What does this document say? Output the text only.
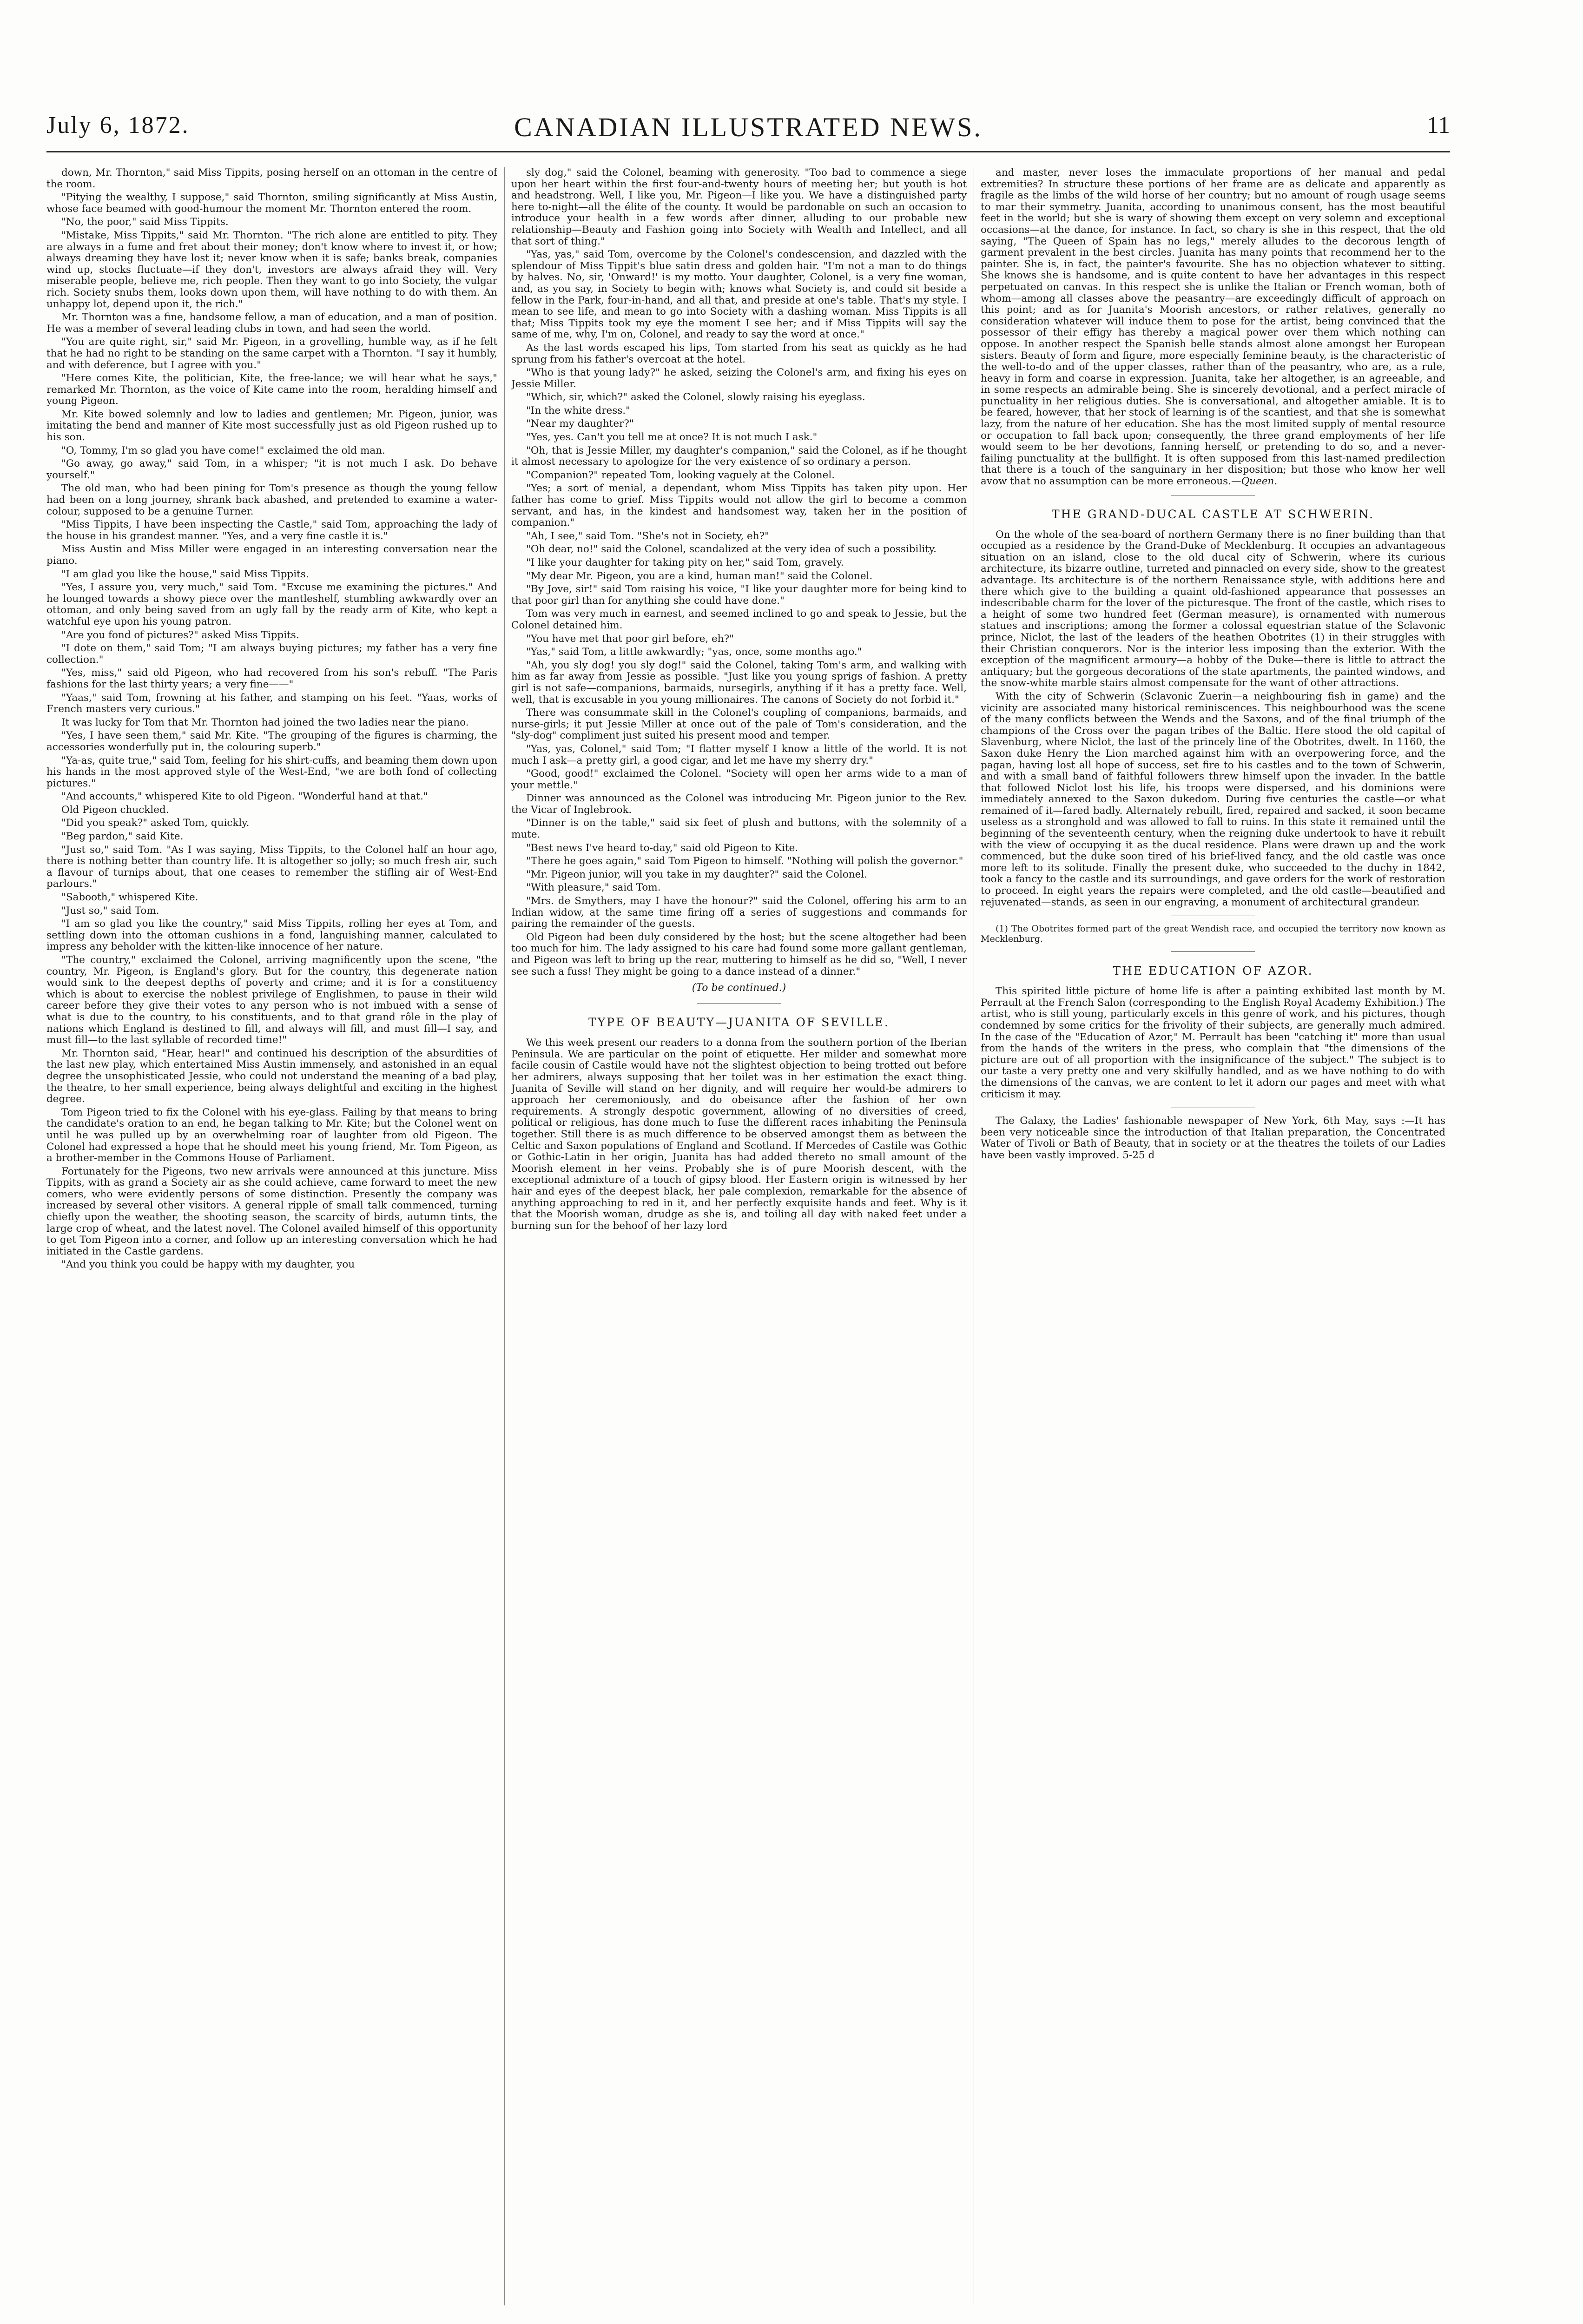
CANADIAN ILLUSTRATED NEWS.
July 6, 1872.	11

down, Mr. Thornton," said Miss Tippits, posing herself on an ottoman in the centre of the room.

"Pitying the wealthy, I suppose," said Thornton, smiling significantly at Miss Austin, whose face beamed with good-humour the moment Mr. Thornton entered the room.

"No, the poor," said Miss Tippits.

"Mistake, Miss Tippits," said Mr. Thornton. "The rich alone are entitled to pity. They are always in a fume and fret about their money; don't know where to invest it, or how; always dreaming they have lost it; never know when it is safe; banks break, companies wind up, stocks fluctuate—if they don't, investors are always afraid they will. Very miserable people, believe me, rich people. Then they want to go into Society, the vulgar rich. Society snubs them, looks down upon them, will have nothing to do with them. An unhappy lot, depend upon it, the rich."

Mr. Thornton was a fine, handsome fellow, a man of education, and a man of position. He was a member of several leading clubs in town, and had seen the world.

"You are quite right, sir," said Mr. Pigeon, in a grovelling, humble way, as if he felt that he had no right to be standing on the same carpet with a Thornton. "I say it humbly, and with deference, but I agree with you."

"Here comes Kite, the politician, Kite, the free-lance; we will hear what he says," remarked Mr. Thornton, as the voice of Kite came into the room, heralding himself and young Pigeon.

Mr. Kite bowed solemnly and low to ladies and gentlemen; Mr. Pigeon, junior, was imitating the bend and manner of Kite most successfully just as old Pigeon rushed up to his son.

"O, Tommy, I'm so glad you have come!" exclaimed the old man.

"Go away, go away," said Tom, in a whisper; "it is not much I ask. Do behave yourself."

The old man, who had been pining for Tom's presence as though the young fellow had been on a long journey, shrank back abashed, and pretended to examine a water-colour, supposed to be a genuine Turner.

"Miss Tippits, I have been inspecting the Castle," said Tom, approaching the lady of the house in his grandest manner. "Yes, and a very fine castle it is."

Miss Austin and Miss Miller were engaged in an interesting conversation near the piano.

"I am glad you like the house," said Miss Tippits.

"Yes, I assure you, very much," said Tom. "Excuse me examining the pictures." And he lounged towards a showy piece over the mantleshelf, stumbling awkwardly over an ottoman, and only being saved from an ugly fall by the ready arm of Kite, who kept a watchful eye upon his young patron.

"Are you fond of pictures?" asked Miss Tippits.

"I dote on them," said Tom; "I am always buying pictures; my father has a very fine collection."

"Yes, miss," said old Pigeon, who had recovered from his son's rebuff. "The Paris fashions for the last thirty years; a very fine——"

"Yaas," said Tom, frowning at his father, and stamping on his feet. "Yaas, works of French masters very curious."

It was lucky for Tom that Mr. Thornton had joined the two ladies near the piano.

"Yes, I have seen them," said Mr. Kite. "The grouping of the figures is charming, the accessories wonderfully put in, the colouring superb."

"Ya-as, quite true," said Tom, feeling for his shirt-cuffs, and beaming them down upon his hands in the most approved style of the West-End, "we are both fond of collecting pictures."

"And accounts," whispered Kite to old Pigeon. "Wonderful hand at that."

Old Pigeon chuckled.

"Did you speak?" asked Tom, quickly.

"Beg pardon," said Kite.

"Just so," said Tom. "As I was saying, Miss Tippits, to the Colonel half an hour ago, there is nothing better than country life. It is altogether so jolly; so much fresh air, such a flavour of turnips about, that one ceases to remember the stifling air of West-End parlours."

"Sabooth," whispered Kite.

"Just so," said Tom.

"I am so glad you like the country," said Miss Tippits, rolling her eyes at Tom, and settling down into the ottoman cushions in a fond, languishing manner, calculated to impress any beholder with the kitten-like innocence of her nature.

"The country," exclaimed the Colonel, arriving magnificently upon the scene, "the country, Mr. Pigeon, is England's glory. But for the country, this degenerate nation would sink to the deepest depths of poverty and crime; and it is for a constituency which is about to exercise the noblest privilege of Englishmen, to pause in their wild career before they give their votes to any person who is not imbued with a sense of what is due to the country, to his constituents, and to that grand rôle in the play of nations which England is destined to fill, and always will fill, and must fill—I say, and must fill—to the last syllable of recorded time!"

Mr. Thornton said, "Hear, hear!" and continued his description of the absurdities of the last new play, which entertained Miss Austin immensely, and astonished in an equal degree the unsophisticated Jessie, who could not understand the meaning of a bad play, the theatre, to her small experience, being always delightful and exciting in the highest degree.

Tom Pigeon tried to fix the Colonel with his eye-glass. Failing by that means to bring the candidate's oration to an end, he began talking to Mr. Kite; but the Colonel went on until he was pulled up by an overwhelming roar of laughter from old Pigeon. The Colonel had expressed a hope that he should meet his young friend, Mr. Tom Pigeon, as a brother-member in the Commons House of Parliament.

Fortunately for the Pigeons, two new arrivals were announced at this juncture. Miss Tippits, with as grand a Society air as she could achieve, came forward to meet the new comers, who were evidently persons of some distinction. Presently the company was increased by several other visitors. A general ripple of small talk commenced, turning chiefly upon the weather, the shooting season, the scarcity of birds, autumn tints, the large crop of wheat, and the latest novel. The Colonel availed himself of this opportunity to get Tom Pigeon into a corner, and follow up an interesting conversation which he had initiated in the Castle gardens.

"And you think you could be happy with my daughter, you

sly dog," said the Colonel, beaming with generosity. "Too bad to commence a siege upon her heart within the first four-and-twenty hours of meeting her; but youth is hot and headstrong. Well, I like you, Mr. Pigeon—I like you. We have a distinguished party here to-night—all the élite of the county. It would be pardonable on such an occasion to introduce your health in a few words after dinner, alluding to our probable new relationship—Beauty and Fashion going into Society with Wealth and Intellect, and all that sort of thing."

"Yas, yas," said Tom, overcome by the Colonel's condescension, and dazzled with the splendour of Miss Tippit's blue satin dress and golden hair. "I'm not a man to do things by halves. No, sir, 'Onward!' is my motto. Your daughter, Colonel, is a very fine woman, and, as you say, in Society to begin with; knows what Society is, and could sit beside a fellow in the Park, four-in-hand, and all that, and preside at one's table. That's my style. I mean to see life, and mean to go into Society with a dashing woman. Miss Tippits is all that; Miss Tippits took my eye the moment I see her; and if Miss Tippits will say the same of me, why, I'm on, Colonel, and ready to say the word at once."

As the last words escaped his lips, Tom started from his seat as quickly as he had sprung from his father's overcoat at the hotel.

"Who is that young lady?" he asked, seizing the Colonel's arm, and fixing his eyes on Jessie Miller.

"Which, sir, which?" asked the Colonel, slowly raising his eyeglass.

"In the white dress."

"Near my daughter?"

"Yes, yes. Can't you tell me at once? It is not much I ask."

"Oh, that is Jessie Miller, my daughter's companion," said the Colonel, as if he thought it almost necessary to apologize for the very existence of so ordinary a person.

"Companion?" repeated Tom, looking vaguely at the Colonel.

"Yes; a sort of menial, a dependant, whom Miss Tippits has taken pity upon. Her father has come to grief. Miss Tippits would not allow the girl to become a common servant, and has, in the kindest and handsomest way, taken her in the position of companion."

"Ah, I see," said Tom. "She's not in Society, eh?"

"Oh dear, no!" said the Colonel, scandalized at the very idea of such a possibility.

"I like your daughter for taking pity on her," said Tom, gravely.

"My dear Mr. Pigeon, you are a kind, human man!" said the Colonel.

"By Jove, sir!" said Tom raising his voice, "I like your daughter more for being kind to that poor girl than for anything she could have done."

Tom was very much in earnest, and seemed inclined to go and speak to Jessie, but the Colonel detained him.

"You have met that poor girl before, eh?"

"Yas," said Tom, a little awkwardly; "yas, once, some months ago."

"Ah, you sly dog! you sly dog!" said the Colonel, taking Tom's arm, and walking with him as far away from Jessie as possible. "Just like you young sprigs of fashion. A pretty girl is not safe—companions, barmaids, nursegirls, anything if it has a pretty face. Well, well, that is excusable in you young millionaires. The canons of Society do not forbid it."

There was consummate skill in the Colonel's coupling of companions, barmaids, and nurse-girls; it put Jessie Miller at once out of the pale of Tom's consideration, and the "sly-dog" compliment just suited his present mood and temper.

"Yas, yas, Colonel," said Tom; "I flatter myself I know a little of the world. It is not much I ask—a pretty girl, a good cigar, and let me have my sherry dry."

"Good, good!" exclaimed the Colonel. "Society will open her arms wide to a man of your mettle."

Dinner was announced as the Colonel was introducing Mr. Pigeon junior to the Rev. the Vicar of Inglebrook.

"Dinner is on the table," said six feet of plush and buttons, with the solemnity of a mute.

"Best news I've heard to-day," said old Pigeon to Kite.

"There he goes again," said Tom Pigeon to himself. "Nothing will polish the governor."

"Mr. Pigeon junior, will you take in my daughter?" said the Colonel.

"With pleasure," said Tom.

"Mrs. de Smythers, may I have the honour?" said the Colonel, offering his arm to an Indian widow, at the same time firing off a series of suggestions and commands for pairing the remainder of the guests.

Old Pigeon had been duly considered by the host; but the scene altogether had been too much for him. The lady assigned to his care had found some more gallant gentleman, and Pigeon was left to bring up the rear, muttering to himself as he did so, "Well, I never see such a fuss! They might be going to a dance instead of a dinner."

(To be continued.)
TYPE OF BEAUTY—JUANITA OF SEVILLE.

We this week present our readers to a donna from the southern portion of the Iberian Peninsula. We are particular on the point of etiquette. Her milder and somewhat more facile cousin of Castile would have not the slightest objection to being trotted out before her admirers, always supposing that her toilet was in her estimation the exact thing. Juanita of Seville will stand on her dignity, and will require her would-be admirers to approach her ceremoniously, and do obeisance after the fashion of her own requirements. A strongly despotic government, allowing of no diversities of creed, political or religious, has done much to fuse the different races inhabiting the Peninsula together. Still there is as much difference to be observed amongst them as between the Celtic and Saxon populations of England and Scotland. If Mercedes of Castile was Gothic or Gothic-Latin in her origin, Juanita has had added thereto no small amount of the Moorish element in her veins. Probably she is of pure Moorish descent, with the exceptional admixture of a touch of gipsy blood. Her Eastern origin is witnessed by her hair and eyes of the deepest black, her pale complexion, remarkable for the absence of anything approaching to red in it, and her perfectly exquisite hands and feet. Why is it that the Moorish woman, drudge as she is, and toiling all day with naked feet under a burning sun for the behoof of her lazy lord

and master, never loses the immaculate proportions of her manual and pedal extremities? In structure these portions of her frame are as delicate and apparently as fragile as the limbs of the wild horse of her country; but no amount of rough usage seems to mar their symmetry. Juanita, according to unanimous consent, has the most beautiful feet in the world; but she is wary of showing them except on very solemn and exceptional occasions—at the dance, for instance. In fact, so chary is she in this respect, that the old saying, "The Queen of Spain has no legs," merely alludes to the decorous length of garment prevalent in the best circles. Juanita has many points that recommend her to the painter. She is, in fact, the painter's favourite. She has no objection whatever to sitting. She knows she is handsome, and is quite content to have her advantages in this respect perpetuated on canvas. In this respect she is unlike the Italian or French woman, both of whom—among all classes above the peasantry—are exceedingly difficult of approach on this point; and as for Juanita's Moorish ancestors, or rather relatives, generally no consideration whatever will induce them to pose for the artist, being convinced that the possessor of their effigy has thereby a magical power over them which nothing can oppose. In another respect the Spanish belle stands almost alone amongst her European sisters. Beauty of form and figure, more especially feminine beauty, is the characteristic of the well-to-do and of the upper classes, rather than of the peasantry, who are, as a rule, heavy in form and coarse in expression. Juanita, take her altogether, is an agreeable, and in some respects an admirable being. She is sincerely devotional, and a perfect miracle of punctuality in her religious duties. She is conversational, and altogether amiable. It is to be feared, however, that her stock of learning is of the scantiest, and that she is somewhat lazy, from the nature of her education. She has the most limited supply of mental resource or occupation to fall back upon; consequently, the three grand employments of her life would seem to be her devotions, fanning herself, or pretending to do so, and a never-failing punctuality at the bullfight. It is often supposed from this last-named predilection that there is a touch of the sanguinary in her disposition; but those who know her well avow that no assumption can be more erroneous.—Queen.

THE GRAND-DUCAL CASTLE AT SCHWERIN.

On the whole of the sea-board of northern Germany there is no finer building than that occupied as a residence by the Grand-Duke of Mecklenburg. It occupies an advantageous situation on an island, close to the old ducal city of Schwerin, where its curious architecture, its bizarre outline, turreted and pinnacled on every side, show to the greatest advantage. Its architecture is of the northern Renaissance style, with additions here and there which give to the building a quaint old-fashioned appearance that possesses an indescribable charm for the lover of the picturesque. The front of the castle, which rises to a height of some two hundred feet (German measure), is ornamented with numerous statues and inscriptions; among the former a colossal equestrian statue of the Sclavonic prince, Niclot, the last of the leaders of the heathen Obotrites (1) in their struggles with their Christian conquerors. Nor is the interior less imposing than the exterior. With the exception of the magnificent armoury—a hobby of the Duke—there is little to attract the antiquary; but the gorgeous decorations of the state apartments, the painted windows, and the snow-white marble stairs almost compensate for the want of other attractions.

With the city of Schwerin (Sclavonic Zuerin—a neighbouring fish in game) and the vicinity are associated many historical reminiscences. This neighbourhood was the scene of the many conflicts between the Wends and the Saxons, and of the final triumph of the champions of the Cross over the pagan tribes of the Baltic. Here stood the old capital of Slavenburg, where Niclot, the last of the princely line of the Obotrites, dwelt. In 1160, the Saxon duke Henry the Lion marched against him with an overpowering force, and the pagan, having lost all hope of success, set fire to his castles and to the town of Schwerin, and with a small band of faithful followers threw himself upon the invader. In the battle that followed Niclot lost his life, his troops were dispersed, and his dominions were immediately annexed to the Saxon dukedom. During five centuries the castle—or what remained of it—fared badly. Alternately rebuilt, fired, repaired and sacked, it soon became useless as a stronghold and was allowed to fall to ruins. In this state it remained until the beginning of the seventeenth century, when the reigning duke undertook to have it rebuilt with the view of occupying it as the ducal residence. Plans were drawn up and the work commenced, but the duke soon tired of his brief-lived fancy, and the old castle was once more left to its solitude. Finally the present duke, who succeeded to the duchy in 1842, took a fancy to the castle and its surroundings, and gave orders for the work of restoration to proceed. In eight years the repairs were completed, and the old castle—beautified and rejuvenated—stands, as seen in our engraving, a monument of architectural grandeur.

(1) The Obotrites formed part of the great Wendish race, and occupied the territory now known as Mecklenburg.

THE EDUCATION OF AZOR.

This spirited little picture of home life is after a painting exhibited last month by M. Perrault at the French Salon (corresponding to the English Royal Academy Exhibition.) The artist, who is still young, particularly excels in this genre of work, and his pictures, though condemned by some critics for the frivolity of their subjects, are generally much admired. In the case of the "Education of Azor," M. Perrault has been "catching it" more than usual from the hands of the writers in the press, who complain that "the dimensions of the picture are out of all proportion with the insignificance of the subject." The subject is to our taste a very pretty one and very skilfully handled, and as we have nothing to do with the dimensions of the canvas, we are content to let it adorn our pages and meet with what criticism it may.

The Galaxy, the Ladies' fashionable newspaper of New York, 6th May, says :—It has been very noticeable since the introduction of that Italian preparation, the Concentrated Water of Tivoli or Bath of Beauty, that in society or at the theatres the toilets of our Ladies have been vastly improved. 5-25 d
